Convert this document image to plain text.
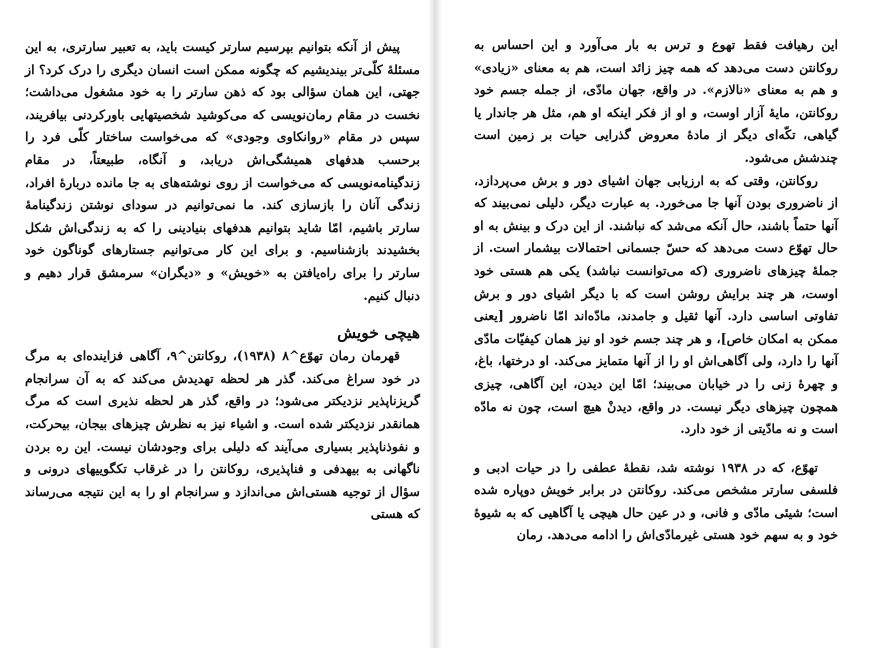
پیش از آنکه بتوانیم بپرسیم سارتر کیست باید، به تعبیر سارتری، به این مسئلهٔ کلّی‌تر بیندیشیم که چگونه ممکن است انسان دیگری را درک کرد؟ از جهتی، این همان سؤالی بود که ذهن سارتر را به خود مشغول می‌داشت؛ نخست در مقام رمان‌نویسی که می‌کوشید شخصیتهایی باورکردنی بیافریند، سپس در مقام «روانکاوی وجودی» که می‌خواست ساختار کلّی فرد را برحسب هدفهای همیشگی‌اش دریابد، و آنگاه، طبیعتاً، در مقام زندگینامه‌نویسی که می‌خواست از روی نوشته‌های به جا مانده دربارهٔ افراد، زندگی آنان را بازسازی کند. ما نمی‌توانیم در سودای نوشتن زندگینامهٔ سارتر باشیم، امّا شاید بتوانیم هدفهای بنیادینی را که به زندگی‌اش شکل بخشیدند بازشناسیم. و برای این کار می‌توانیم جستارهای گوناگون خود سارتر را برای راه‌یافتن به «خویش» و «دیگران» سرمشق قرار دهیم و دنبال کنیم.

هیچی خویش

قهرمان رمان تهوّع^۸ (۱۹۳۸)، روکانتن^۹، آگاهی فزاینده‌ای به مرگ در خود سراغ می‌کند. گذر هر لحظه تهدیدش می‌کند که به آن سرانجام گریزناپذیر نزدیکتر می‌شود؛ در واقع، گذر هر لحظه نذیری است که مرگ همانقدر نزدیکتر شده است. و اشیاء نیز به نظرش چیزهای بیجان، بیحرکت، و نفوذناپذیر بسیاری می‌آیند که دلیلی برای وجودشان نیست. این ره بردن ناگهانی به بیهدفی و فناپذیری، روکانتن را در غرقاب تکگوییهای درونی و سؤال از توجیه هستی‌اش می‌اندازد و سرانجام او را به این نتیجه می‌رساند که هستی

این رهیافت فقط تهوع و ترس به بار می‌آورد و این احساس به روکانتن دست می‌دهد که همه چیز زائد است، هم به معنای «زیادی» و هم به معنای «نالازم». در واقع، جهان مادّی، از جمله جسم خود روکانتن، مایهٔ آزار اوست، و او از فکر اینکه او هم، مثل هر جاندار یا گیاهی، تکّه‌ای دیگر از مادهٔ معروض گذرایی حیات بر زمین است چندشش می‌شود.

روکانتن، وقتی که به ارزیابی جهان اشیای دور و برش می‌پردازد، از ناضروری بودن آنها جا می‌خورد. به عبارت دیگر، دلیلی نمی‌بیند که آنها حتماً باشند، حال آنکه می‌شد که نباشند. از این درک و بینش به او حال تهوّع دست می‌دهد که حسّ جسمانی احتمالات بیشمار است. از جملهٔ چیزهای ناضروری (که می‌توانست نباشد) یکی هم هستی خود اوست، هر چند برایش روشن است که با دیگر اشیای دور و برش تفاوتی اساسی دارد. آنها ثقیل و جامدند، مادّه‌اند امّا ناضرور [یعنی ممکن به امکان خاص]، و هر چند جسم خود او نیز همان کیفیّات مادّی آنها را دارد، ولی آگاهی‌اش او را از آنها متمایز می‌کند. او درختها، باغ، و چهرهٔ زنی را در خیابان می‌بیند؛ امّا این دیدن، این آگاهی، چیزی همچون چیزهای دیگر نیست. در واقع، دیدنْ هیچ است، چون نه مادّه است و نه مادّیتی از خود دارد.

تهوّع، که در ۱۹۳۸ نوشته شد، نقطهٔ عطفی را در حیات ادبی و فلسفی سارتر مشخص می‌کند. روکانتن در برابر خویش دوپاره شده است؛ شیئی مادّی و فانی، و در عین حال هیچی یا آگاهیی که به شیوهٔ خود و به سهم خود هستی غیرمادّی‌اش را ادامه می‌دهد. رمان
